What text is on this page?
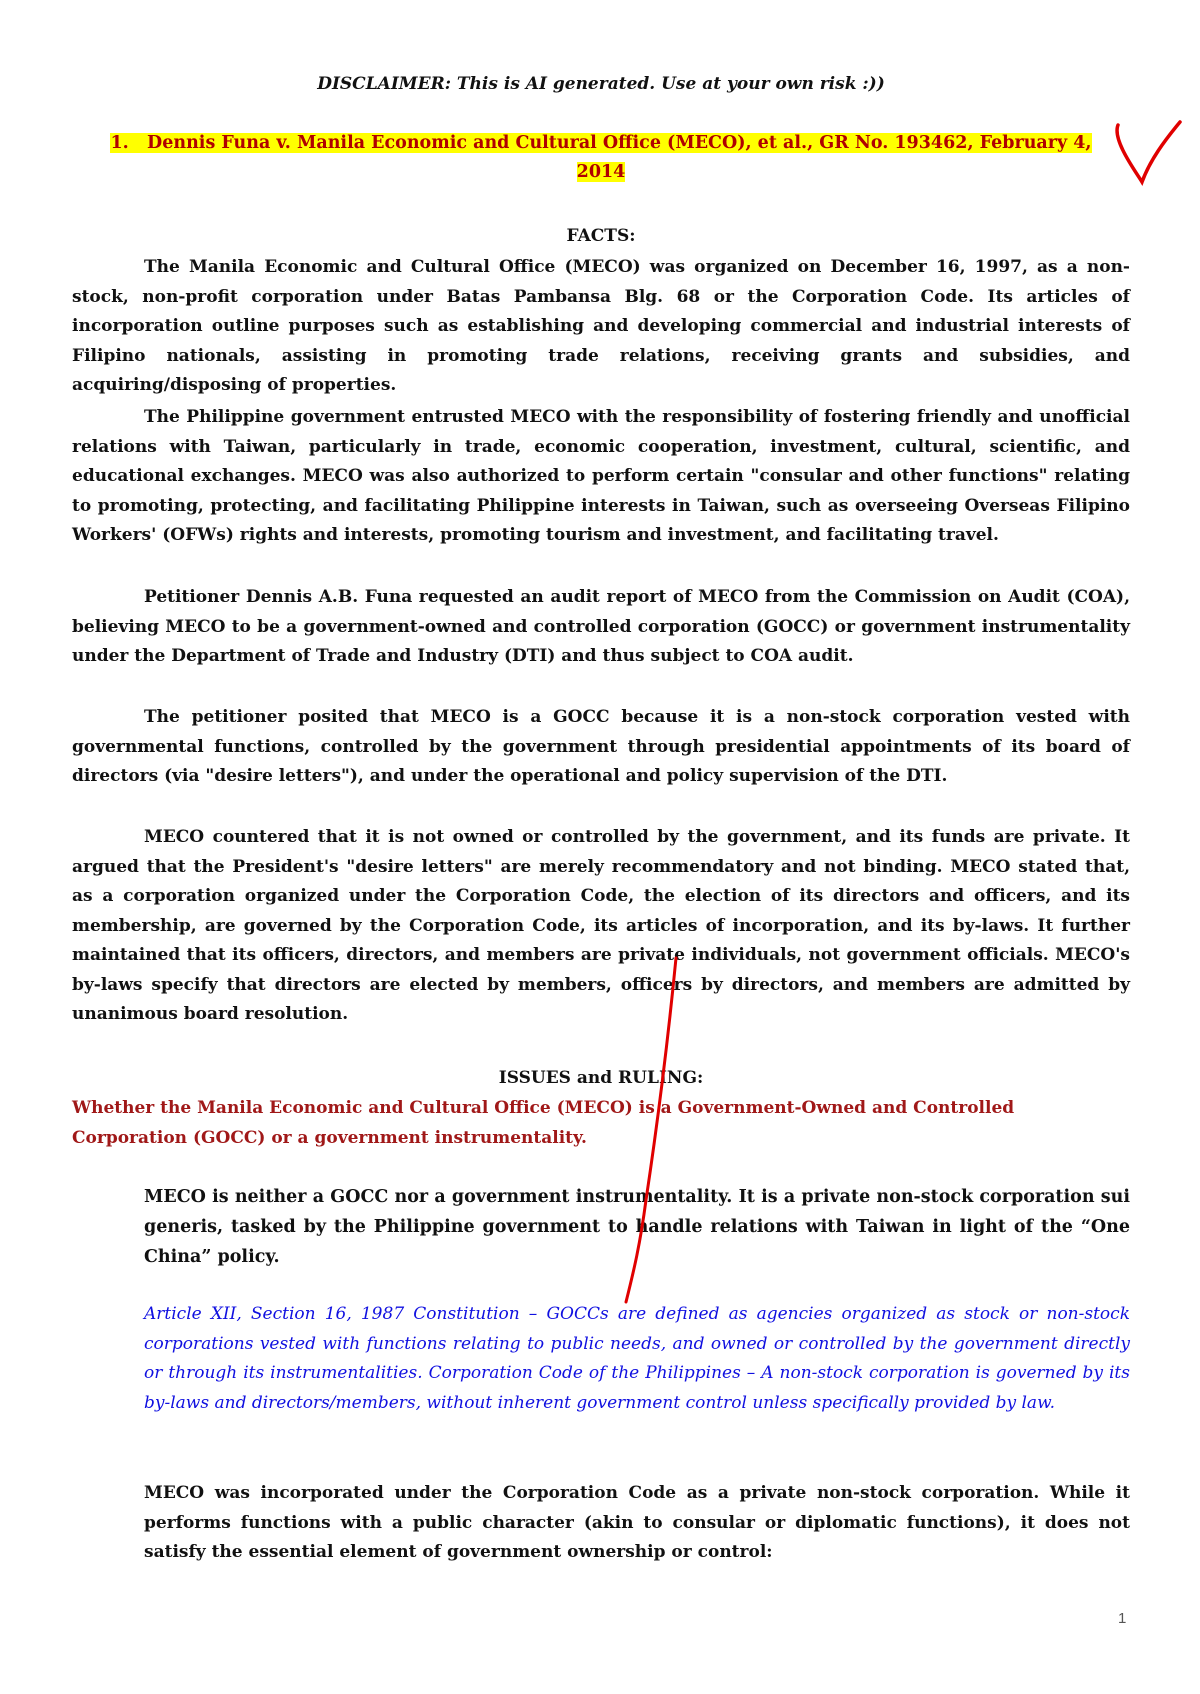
DISCLAIMER: This is AI generated. Use at your own risk :))
1. Dennis Funa v. Manila Economic and Cultural Office (MECO), et al., GR No. 193462, February 4,
2014
FACTS:

The Manila Economic and Cultural Office (MECO) was organized on December 16, 1997, as a non-stock, non-profit corporation under Batas Pambansa Blg. 68 or the Corporation Code. Its articles of incorporation outline purposes such as establishing and developing commercial and industrial interests of Filipino nationals, assisting in promoting trade relations, receiving grants and subsidies, and acquiring/disposing of properties.

The Philippine government entrusted MECO with the responsibility of fostering friendly and unofficial relations with Taiwan, particularly in trade, economic cooperation, investment, cultural, scientific, and educational exchanges. MECO was also authorized to perform certain "consular and other functions" relating to promoting, protecting, and facilitating Philippine interests in Taiwan, such as overseeing Overseas Filipino Workers' (OFWs) rights and interests, promoting tourism and investment, and facilitating travel.

Petitioner Dennis A.B. Funa requested an audit report of MECO from the Commission on Audit (COA), believing MECO to be a government-owned and controlled corporation (GOCC) or government instrumentality under the Department of Trade and Industry (DTI) and thus subject to COA audit.

The petitioner posited that MECO is a GOCC because it is a non-stock corporation vested with governmental functions, controlled by the government through presidential appointments of its board of directors (via "desire letters"), and under the operational and policy supervision of the DTI.

MECO countered that it is not owned or controlled by the government, and its funds are private. It argued that the President's "desire letters" are merely recommendatory and not binding. MECO stated that, as a corporation organized under the Corporation Code, the election of its directors and officers, and its membership, are governed by the Corporation Code, its articles of incorporation, and its by-laws. It further maintained that its officers, directors, and members are private individuals, not government officials. MECO's by-laws specify that directors are elected by members, officers by directors, and members are admitted by unanimous board resolution.

ISSUES and RULING:

Whether the Manila Economic and Cultural Office (MECO) is a Government-Owned and Controlled Corporation (GOCC) or a government instrumentality.

MECO is neither a GOCC nor a government instrumentality. It is a private non-stock corporation sui generis, tasked by the Philippine government to handle relations with Taiwan in light of the “One China” policy.

Article XII, Section 16, 1987 Constitution – GOCCs are defined as agencies organized as stock or non-stock corporations vested with functions relating to public needs, and owned or controlled by the government directly or through its instrumentalities. Corporation Code of the Philippines – A non-stock corporation is governed by its by-laws and directors/members, without inherent government control unless specifically provided by law.

MECO was incorporated under the Corporation Code as a private non-stock corporation. While it performs functions with a public character (akin to consular or diplomatic functions), it does not satisfy the essential element of government ownership or control:

1
